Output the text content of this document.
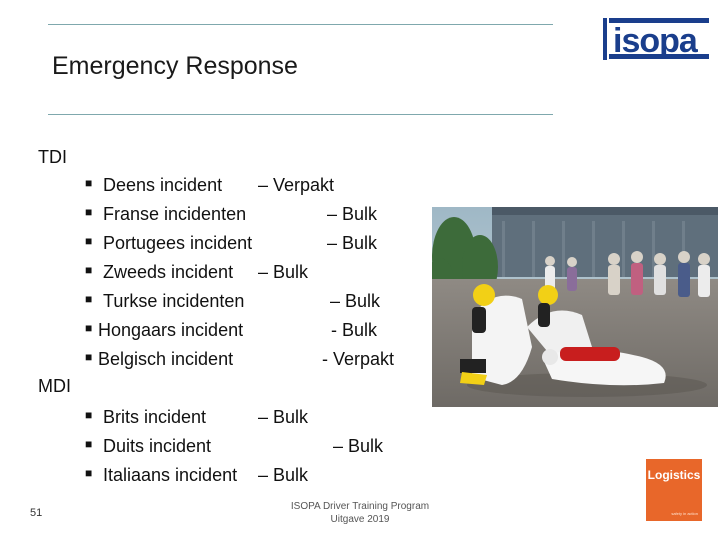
Emergency Response
isopa
TDI
■ Deens incident – Verpakt
■ Franse incidenten	– Bulk
■ Portugees incident	– Bulk
■ Zweeds incident – Bulk
■ Turkse incidenten	– Bulk
■ Hongaars incident	- Bulk
■ Belgisch incident	- Verpakt
MDI
■ Brits incident	– Bulk
■ Duits incident	– Bulk
■ Italiaans incident – Bulk	Logistics
safety in action
51
ISOPA Driver Training Program
Uitgave 2019
